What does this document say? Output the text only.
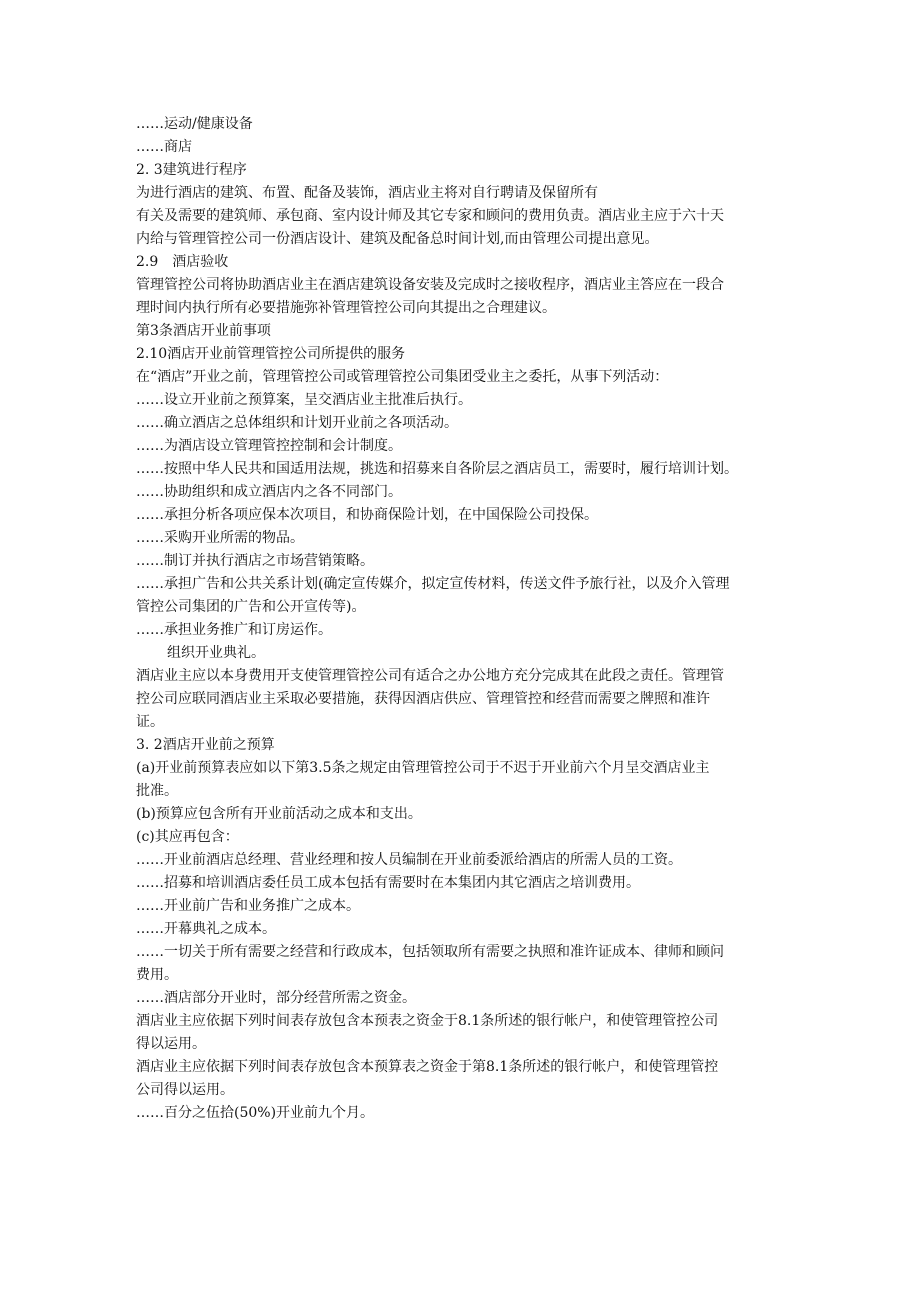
……运动/健康设备
……商店
2. 3建筑进行程序
为进行酒店的建筑、布置、配备及装饰，酒店业主将对自行聘请及保留所有
有关及需要的建筑师、承包商、室内设计师及其它专家和顾问的费用负责。酒店业主应于六十天
内给与管理管控公司一份酒店设计、建筑及配备总时间计划,而由管理公司提出意见。
2.9　酒店验收
管理管控公司将协助酒店业主在酒店建筑设备安装及完成时之接收程序，酒店业主答应在一段合
理时间内执行所有必要措施弥补管理管控公司向其提出之合理建议。
第3条酒店开业前事项
2.10酒店开业前管理管控公司所提供的服务
在“酒店”开业之前，管理管控公司或管理管控公司集团受业主之委托，从事下列活动：
……设立开业前之预算案，呈交酒店业主批准后执行。
……确立酒店之总体组织和计划开业前之各项活动。
……为酒店设立管理管控控制和会计制度。
……按照中华人民共和国适用法规，挑选和招募来自各阶层之酒店员工，需要时，履行培训计划。
……协助组织和成立酒店内之各不同部门。
……承担分析各项应保本次项目，和协商保险计划，在中国保险公司投保。
……采购开业所需的物品。
……制订并执行酒店之市场营销策略。
……承担广告和公共关系计划(确定宣传媒介，拟定宣传材料，传送文件予旅行社，以及介入管理
管控公司集团的广告和公开宣传等)。
……承担业务推广和订房运作。
组织开业典礼。
酒店业主应以本身费用开支使管理管控公司有适合之办公地方充分完成其在此段之责任。管理管
控公司应联同酒店业主采取必要措施，获得因酒店供应、管理管控和经营而需要之牌照和准许
证。
3. 2酒店开业前之预算
(a)开业前预算表应如以下第3.5条之规定由管理管控公司于不迟于开业前六个月呈交酒店业主
批准。
(b)预算应包含所有开业前活动之成本和支出。
(c)其应再包含：
……开业前酒店总经理、营业经理和按人员编制在开业前委派给酒店的所需人员的工资。
……招募和培训酒店委任员工成本包括有需要时在本集团内其它酒店之培训费用。
……开业前广告和业务推广之成本。
……开幕典礼之成本。
……一切关于所有需要之经营和行政成本，包括领取所有需要之执照和准许证成本、律师和顾问
费用。
……酒店部分开业时，部分经营所需之资金。
酒店业主应依据下列时间表存放包含本预表之资金于8.1条所述的银行帐户，和使管理管控公司
得以运用。
酒店业主应依据下列时间表存放包含本预算表之资金于第8.1条所述的银行帐户，和使管理管控
公司得以运用。
……百分之伍拾(50%)开业前九个月。
